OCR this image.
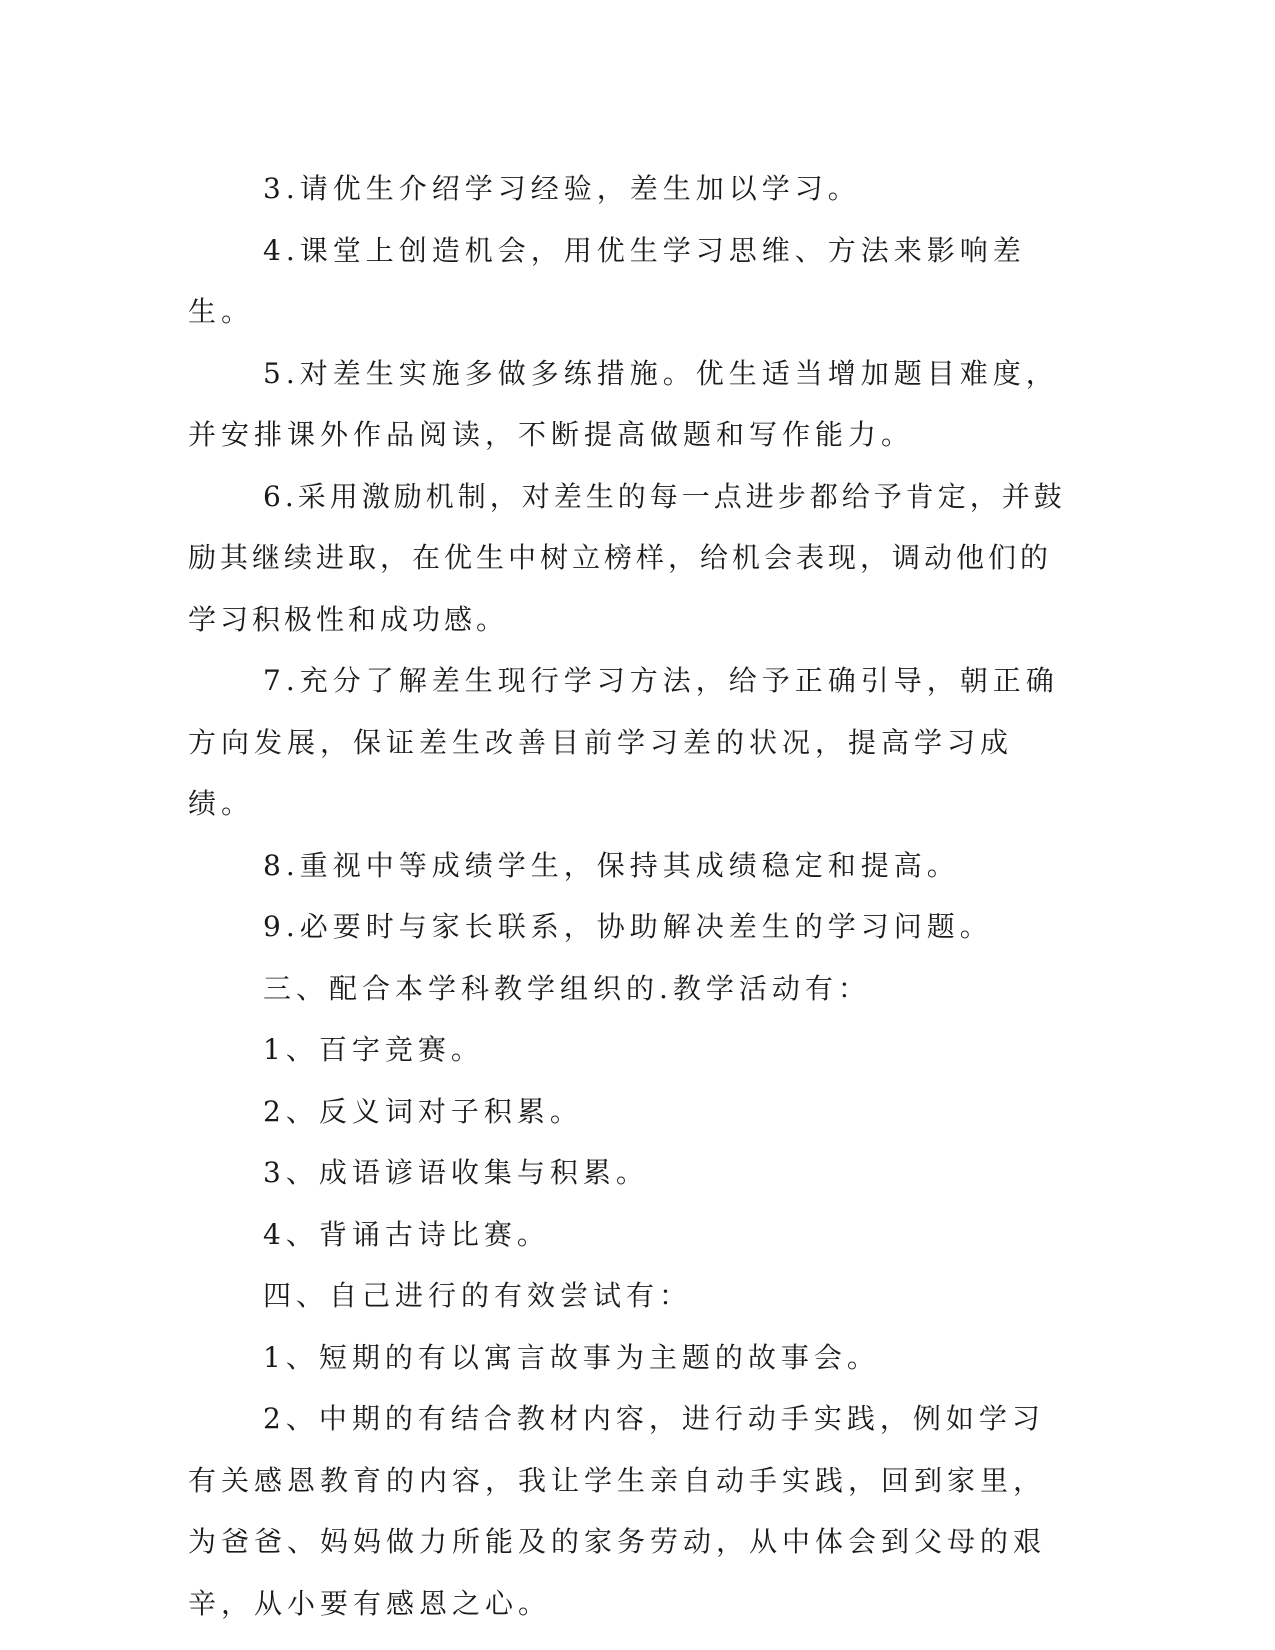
3.请优生介绍学习经验，差生加以学习。

4.课堂上创造机会，用优生学习思维、方法来影响差生。

5.对差生实施多做多练措施。优生适当增加题目难度，并安排课外作品阅读，不断提高做题和写作能力。

6.采用激励机制，对差生的每一点进步都给予肯定，并鼓励其继续进取，在优生中树立榜样，给机会表现，调动他们的学习积极性和成功感。

7.充分了解差生现行学习方法，给予正确引导，朝正确方向发展，保证差生改善目前学习差的状况，提高学习成绩。

8.重视中等成绩学生，保持其成绩稳定和提高。

9.必要时与家长联系，协助解决差生的学习问题。

三、配合本学科教学组织的.教学活动有：

1、百字竞赛。

2、反义词对子积累。

3、成语谚语收集与积累。

4、背诵古诗比赛。

四、自己进行的有效尝试有：

1、短期的有以寓言故事为主题的故事会。

2、中期的有结合教材内容，进行动手实践，例如学习有关感恩教育的内容，我让学生亲自动手实践，回到家里，为爸爸、妈妈做力所能及的家务劳动，从中体会到父母的艰辛，从小要有感恩之心。
